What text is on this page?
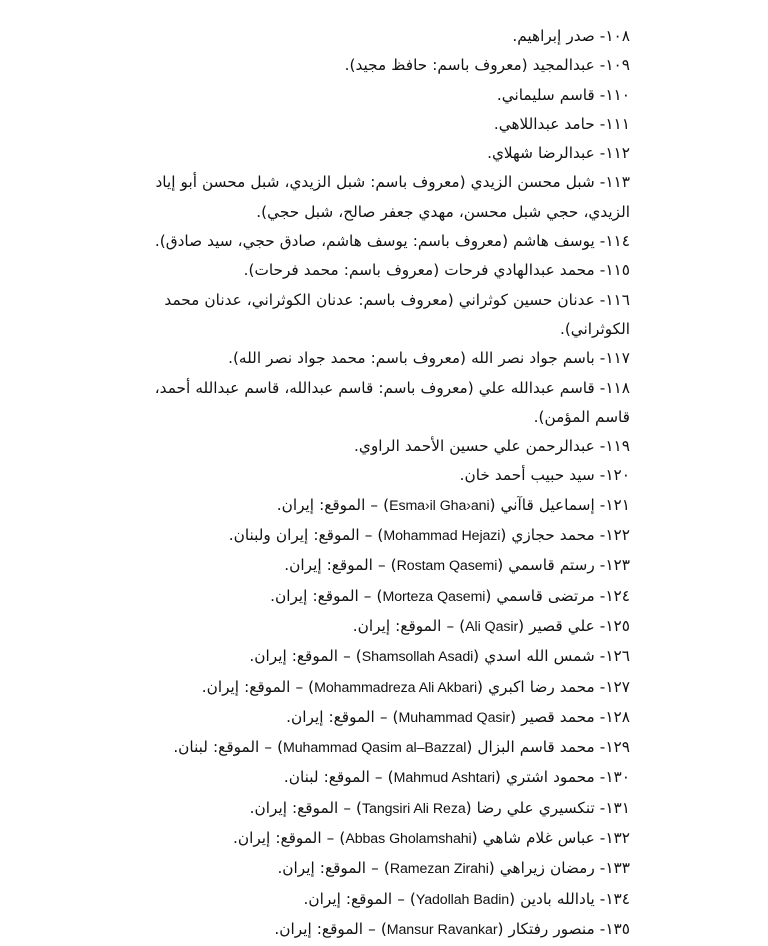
١٠٨- صدر إبراهيم.

١٠٩- عبدالمجيد (معروف باسم: حافظ مجيد).

١١٠- قاسم سليماني.

١١١- حامد عبداللاهي.

١١٢- عبدالرضا شهلاي.

١١٣- شبل محسن الزيدي (معروف باسم: شبل الزيدي، شبل محسن أبو إياد الزيدي، حجي شبل محسن، مهدي جعفر صالح، شبل حجي).

١١٤- يوسف هاشم (معروف باسم: يوسف هاشم، صادق حجي، سيد صادق).

١١٥- محمد عبدالهادي فرحات (معروف باسم: محمد فرحات).

١١٦- عدنان حسين كوثراني (معروف باسم: عدنان الكوثراني، عدنان محمد الكوثراني).

١١٧- باسم جواد نصر الله (معروف باسم: محمد جواد نصر الله).

١١٨- قاسم عبدالله علي (معروف باسم: قاسم عبدالله، قاسم عبدالله أحمد، قاسم المؤمن).

١١٩- عبدالرحمن علي حسين الأحمد الراوي.

١٢٠- سيد حبيب أحمد خان.

١٢١- إسماعيل قاآني (Esma›il Gha›ani) – الموقع: إيران.

١٢٢- محمد حجازي (Mohammad Hejazi) – الموقع: إيران ولبنان.

١٢٣- رستم قاسمي (Rostam Qasemi) – الموقع: إيران.

١٢٤- مرتضى قاسمي (Morteza Qasemi) – الموقع: إيران.

١٢٥- علي قصير (Ali Qasir) – الموقع: إيران.

١٢٦- شمس الله اسدي (Shamsollah Asadi) – الموقع: إيران.

١٢٧- محمد رضا اكبري (Mohammadreza Ali Akbari) – الموقع: إيران.

١٢٨- محمد قصير (Muhammad Qasir) – الموقع: إيران.

١٢٩- محمد قاسم البزال (Muhammad Qasim al–Bazzal) – الموقع: لبنان.

١٣٠- محمود اشتري (Mahmud Ashtari) – الموقع: لبنان.

١٣١- تنكسيري علي رضا (Tangsiri Ali Reza) – الموقع: إيران.

١٣٢- عباس غلام شاهي (Abbas Gholamshahi) – الموقع: إيران.

١٣٣- رمضان زيراهي (Ramezan Zirahi) – الموقع: إيران.

١٣٤- يادالله بادين (Yadollah Badin) – الموقع: إيران.

١٣٥- منصور رفتكار (Mansur Ravankar) – الموقع: إيران.
